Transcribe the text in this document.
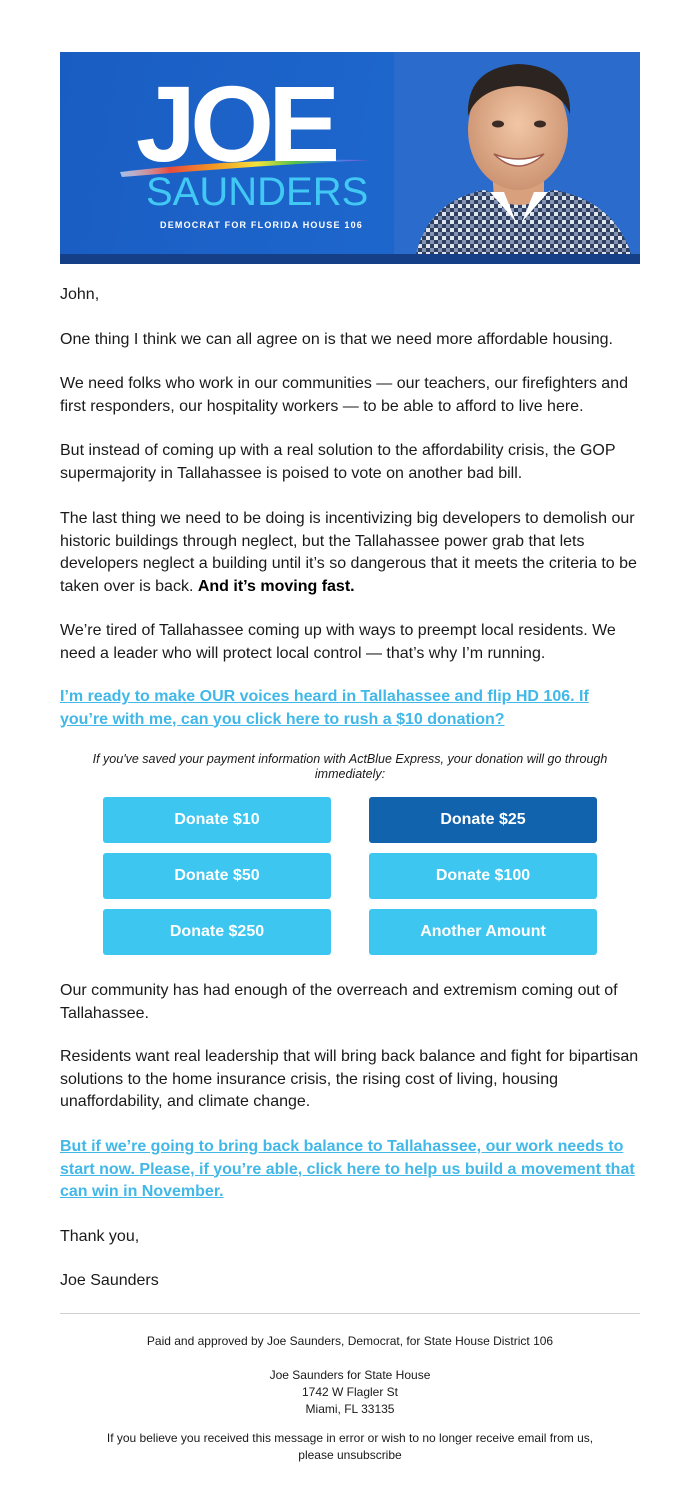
JOE
SAUNDERS
DEMOCRAT FOR FLORIDA HOUSE 106
John,
One thing I think we can all agree on is that we need more affordable housing.
We need folks who work in our communities — our teachers, our firefighters and first responders, our hospitality workers — to be able to afford to live here.
But instead of coming up with a real solution to the affordability crisis, the GOP supermajority in Tallahassee is poised to vote on another bad bill.
The last thing we need to be doing is incentivizing big developers to demolish our historic buildings through neglect, but the Tallahassee power grab that lets developers neglect a building until it’s so dangerous that it meets the criteria to be taken over is back. And it’s moving fast.
We’re tired of Tallahassee coming up with ways to preempt local residents. We need a leader who will protect local control — that’s why I’m running.
I’m ready to make OUR voices heard in Tallahassee and flip HD 106. If you’re with me, can you click here to rush a $10 donation?
If you've saved your payment information with ActBlue Express, your donation will go through immediately:
Donate $10	Donate $25
Donate $50	Donate $100
Donate $250	Another Amount
Our community has had enough of the overreach and extremism coming out of Tallahassee.
Residents want real leadership that will bring back balance and fight for bipartisan solutions to the home insurance crisis, the rising cost of living, housing unaffordability, and climate change.
But if we’re going to bring back balance to Tallahassee, our work needs to start now. Please, if you’re able, click here to help us build a movement that can win in November.
Thank you,
Joe Saunders
Paid and approved by Joe Saunders, Democrat, for State House District 106
Joe Saunders for State House
1742 W Flagler St
Miami, FL 33135
If you believe you received this message in error or wish to no longer receive email from us,
please unsubscribe
